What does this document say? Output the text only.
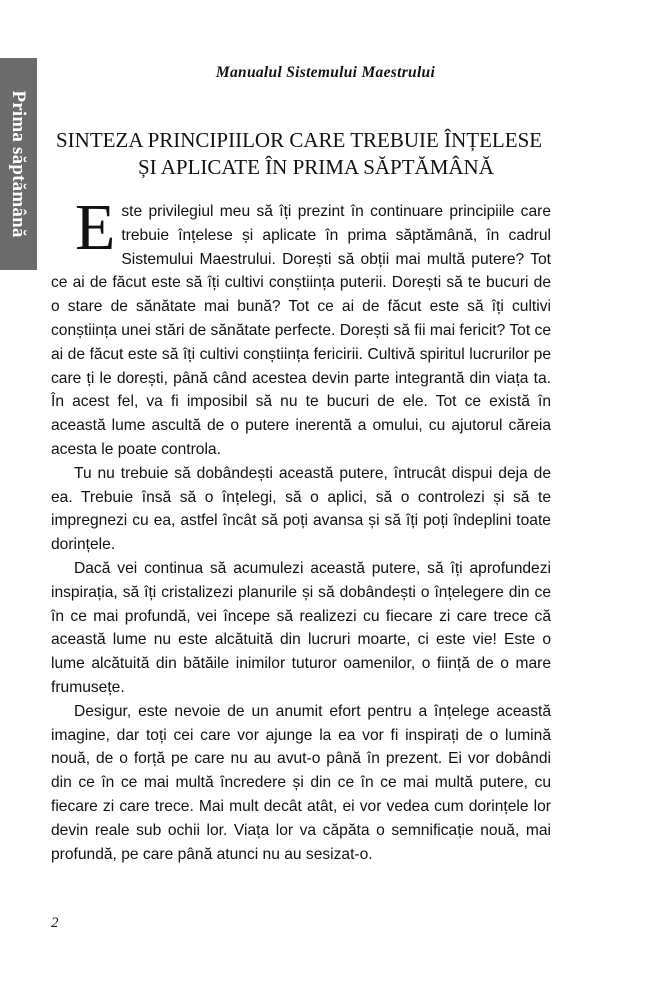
Prima săptămână
Manualul Sistemului Maestrului
SINTEZA PRINCIPIILOR CARE TREBUIE ÎNȚELESE
ȘI APLICATE ÎN PRIMA SĂPTĂMÂNĂ

Este privilegiul meu să îți prezint în continuare principiile care trebuie înțelese și aplicate în prima săptămână, în cadrul Sistemului Maestrului. Dorești să obții mai multă putere? Tot ce ai de făcut este să îți cultivi conștiința puterii. Dorești să te bucuri de o stare de sănătate mai bună? Tot ce ai de făcut este să îți cultivi conștiința unei stări de sănătate perfecte. Dorești să fii mai fericit? Tot ce ai de făcut este să îți cultivi conștiința fericirii. Cultivă spiritul lucrurilor pe care ți le dorești, până când acestea devin parte integrantă din viața ta. În acest fel, va fi imposibil să nu te bucuri de ele. Tot ce există în această lume ascultă de o putere inerentă a omului, cu ajutorul căreia acesta le poate controla.

Tu nu trebuie să dobândești această putere, întrucât dispui deja de ea. Trebuie însă să o înțelegi, să o aplici, să o controlezi și să te impregnezi cu ea, astfel încât să poți avansa și să îți poți îndeplini toate dorințele.

Dacă vei continua să acumulezi această putere, să îți aprofundezi inspirația, să îți cristalizezi planurile și să dobândești o înțelegere din ce în ce mai profundă, vei începe să realizezi cu fiecare zi care trece că această lume nu este alcătuită din lucruri moarte, ci este vie! Este o lume alcătuită din bătăile inimilor tuturor oamenilor, o ființă de o mare frumusețe.

Desigur, este nevoie de un anumit efort pentru a înțelege această imagine, dar toți cei care vor ajunge la ea vor fi inspirați de o lumină nouă, de o forță pe care nu au avut-o până în prezent. Ei vor dobândi din ce în ce mai multă încredere și din ce în ce mai multă putere, cu fiecare zi care trece. Mai mult decât atât, ei vor vedea cum dorințele lor devin reale sub ochii lor. Viața lor va căpăta o semnificație nouă, mai profundă, pe care până atunci nu au sesizat-o.

2
